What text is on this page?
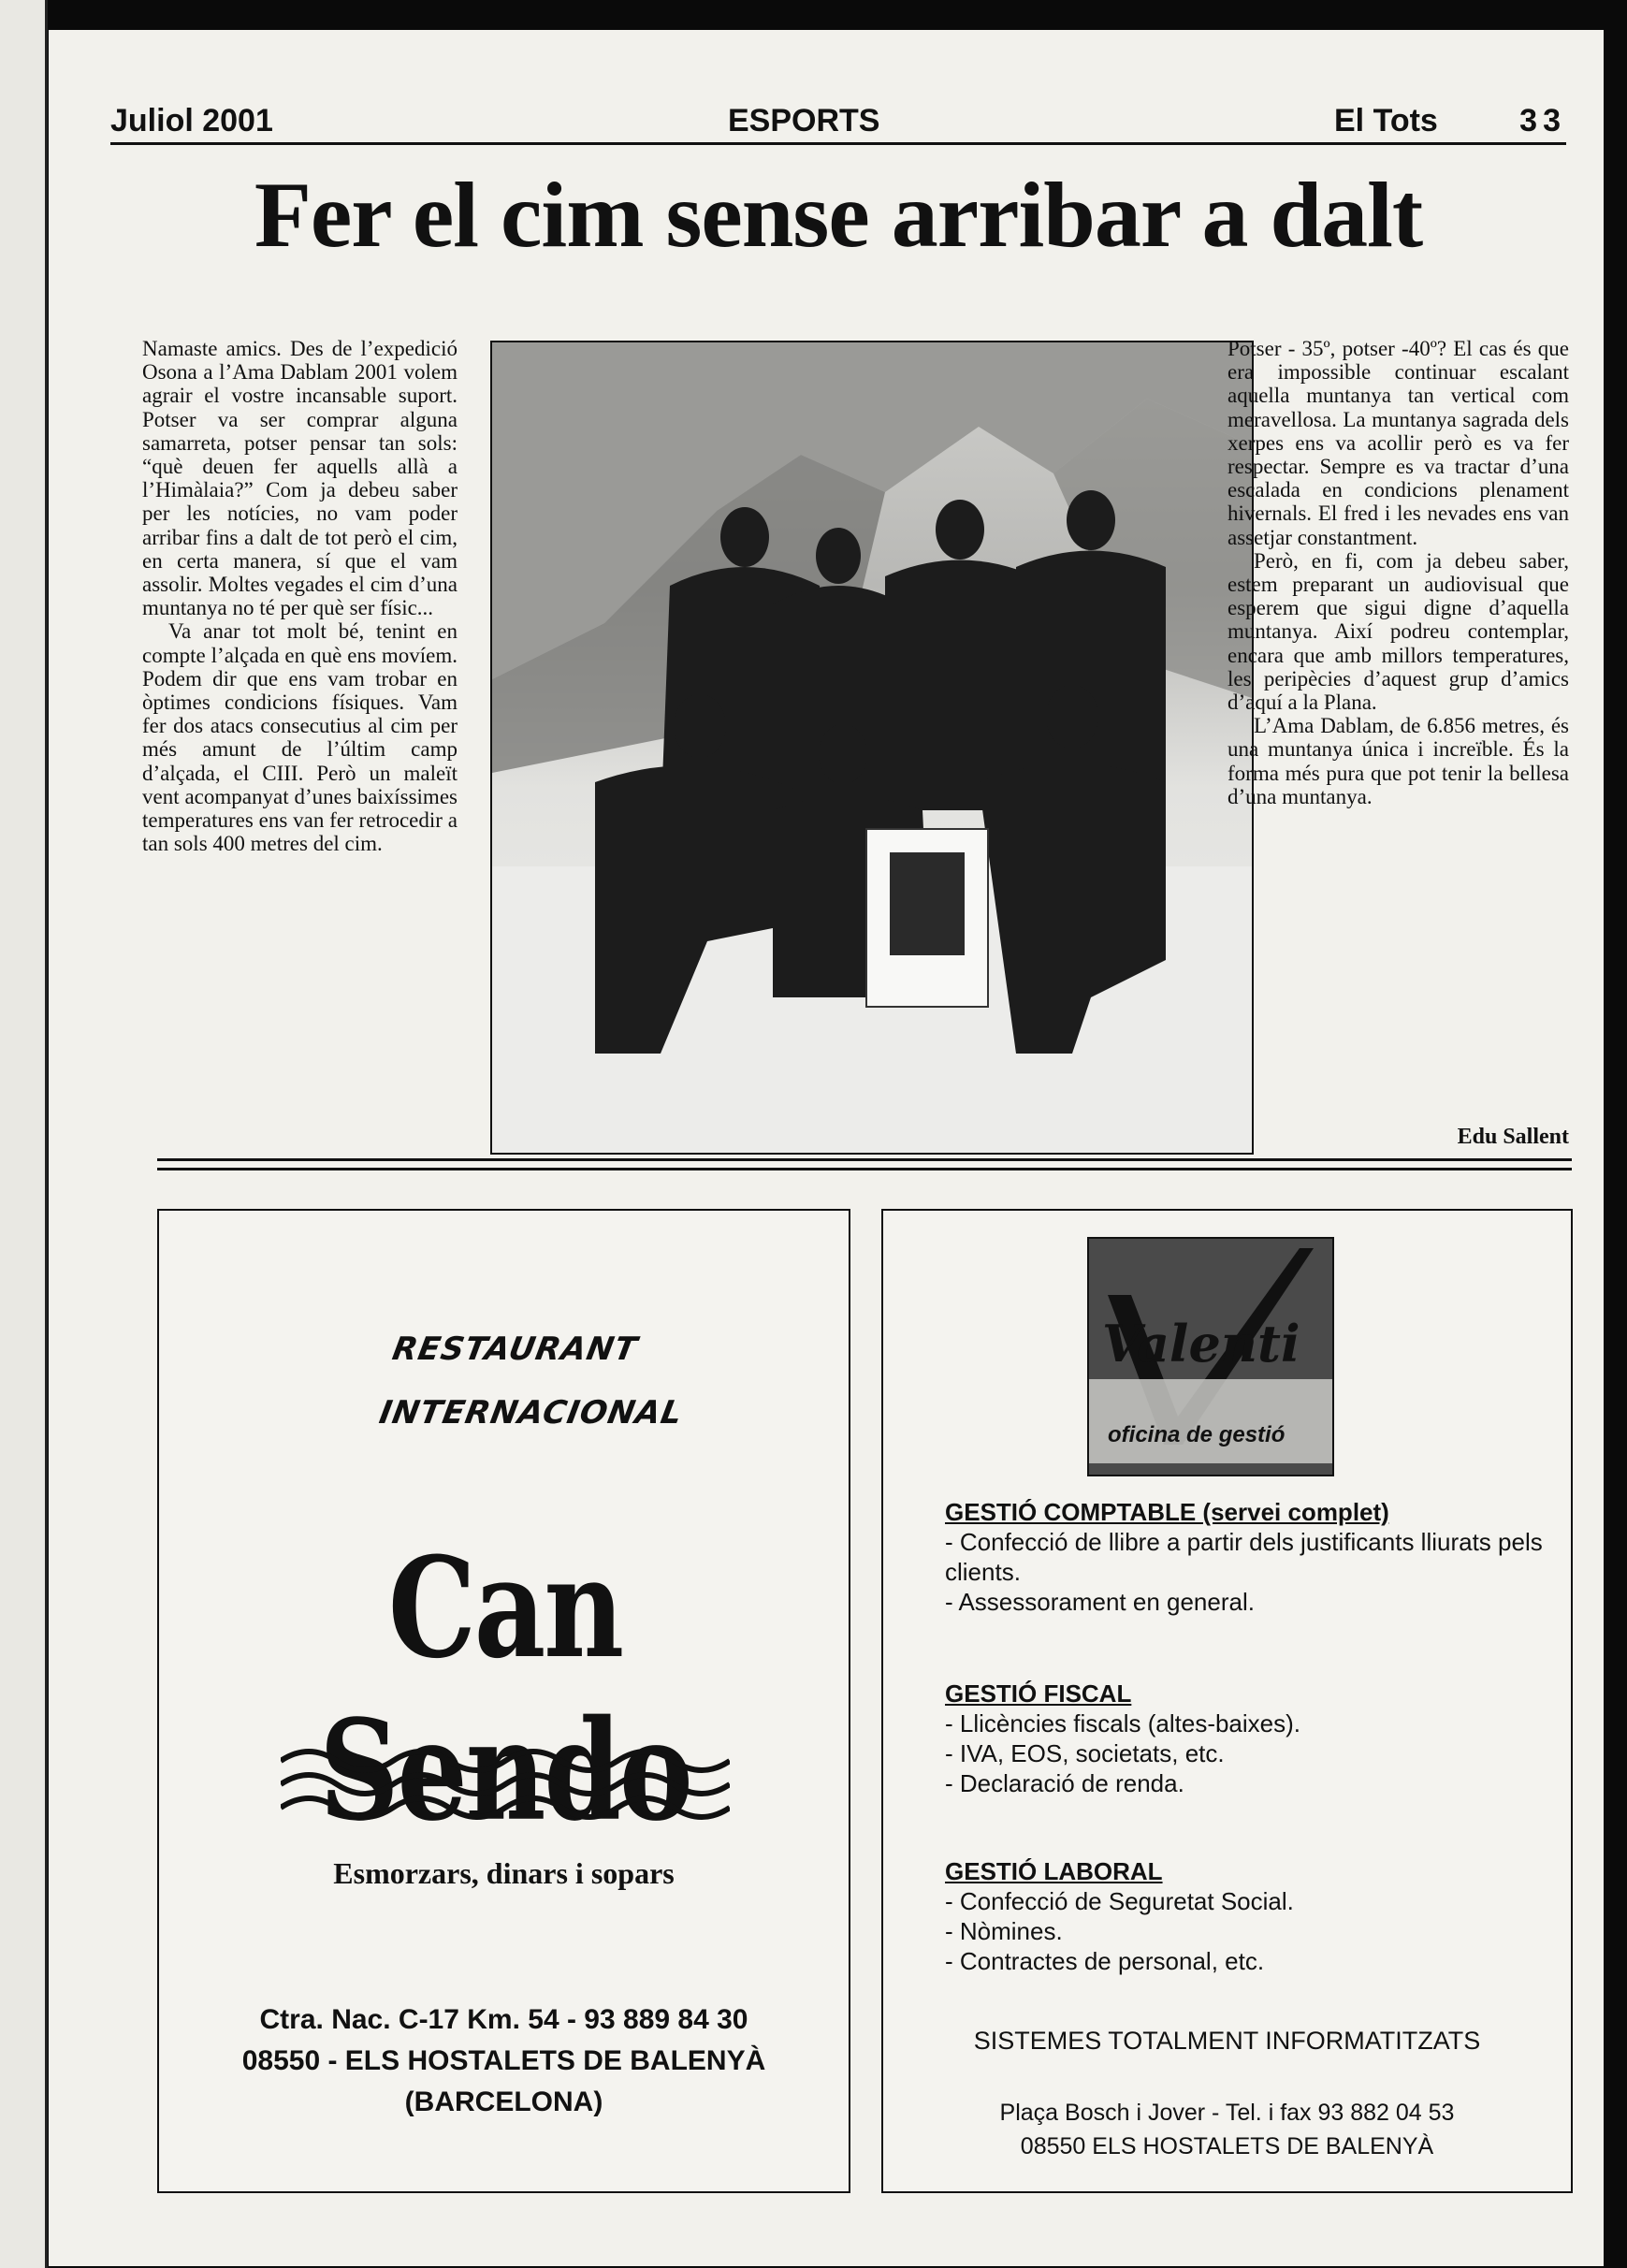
Juliol 2001	ESPORTS	El Tots	33
Fer el cim sense arribar a dalt

Namaste amics. Des de l’expedició Osona a l’Ama Dablam 2001 volem agrair el vostre incansable suport. Potser va ser comprar alguna samarreta, potser pensar tan sols: “què deuen fer aquells allà a l’Himàlaia?” Com ja debeu saber per les notícies, no vam poder arribar fins a dalt de tot però el cim, en certa manera, sí que el vam assolir. Moltes vegades el cim d’una muntanya no té per què ser físic...

Va anar tot molt bé, tenint en compte l’alçada en què ens movíem. Podem dir que ens vam trobar en òptimes condicions físiques. Vam fer dos atacs consecutius al cim per més amunt de l’últim camp d’alçada, el CIII. Però un maleït vent acompanyat d’unes baixíssimes temperatures ens van fer retrocedir a tan sols 400 metres del cim.

Potser - 35º, potser -40º? El cas és que era impossible continuar escalant aquella muntanya tan vertical com meravellosa. La muntanya sagrada dels xerpes ens va acollir però es va fer respectar. Sempre es va tractar d’una escalada en condicions plenament hivernals. El fred i les nevades ens van assetjar constantment.

Però, en fi, com ja debeu saber, estem preparant un audiovisual que esperem que sigui digne d’aquella muntanya. Així podreu contemplar, encara que amb millors temperatures, les peripècies d’aquest grup d’amics d’aquí a la Plana.

L’Ama Dablam, de 6.856 metres, és una muntanya única i increïble. És la forma més pura que pot tenir la bellesa d’una muntanya.

Edu Sallent
RESTAURANT
INTERNACIONAL
Can Sendo
Esmorzars, dinars i sopars
Ctra. Nac. C-17 Km. 54 - 93 889 84 30
08550 - ELS HOSTALETS DE BALENYÀ
(BARCELONA)
Valenti
oficina de gestió
GESTIÓ COMPTABLE (servei complet)
- Confecció de llibre a partir dels justificants lliurats pels clients.
- Assessorament en general.
GESTIÓ FISCAL
- Llicències fiscals (altes-baixes).
- IVA, EOS, societats, etc.
- Declaració de renda.
GESTIÓ LABORAL
- Confecció de Seguretat Social.
- Nòmines.
- Contractes de personal, etc.
SISTEMES TOTALMENT INFORMATITZATS
Plaça Bosch i Jover - Tel. i fax 93 882 04 53
08550 ELS HOSTALETS DE BALENYÀ
